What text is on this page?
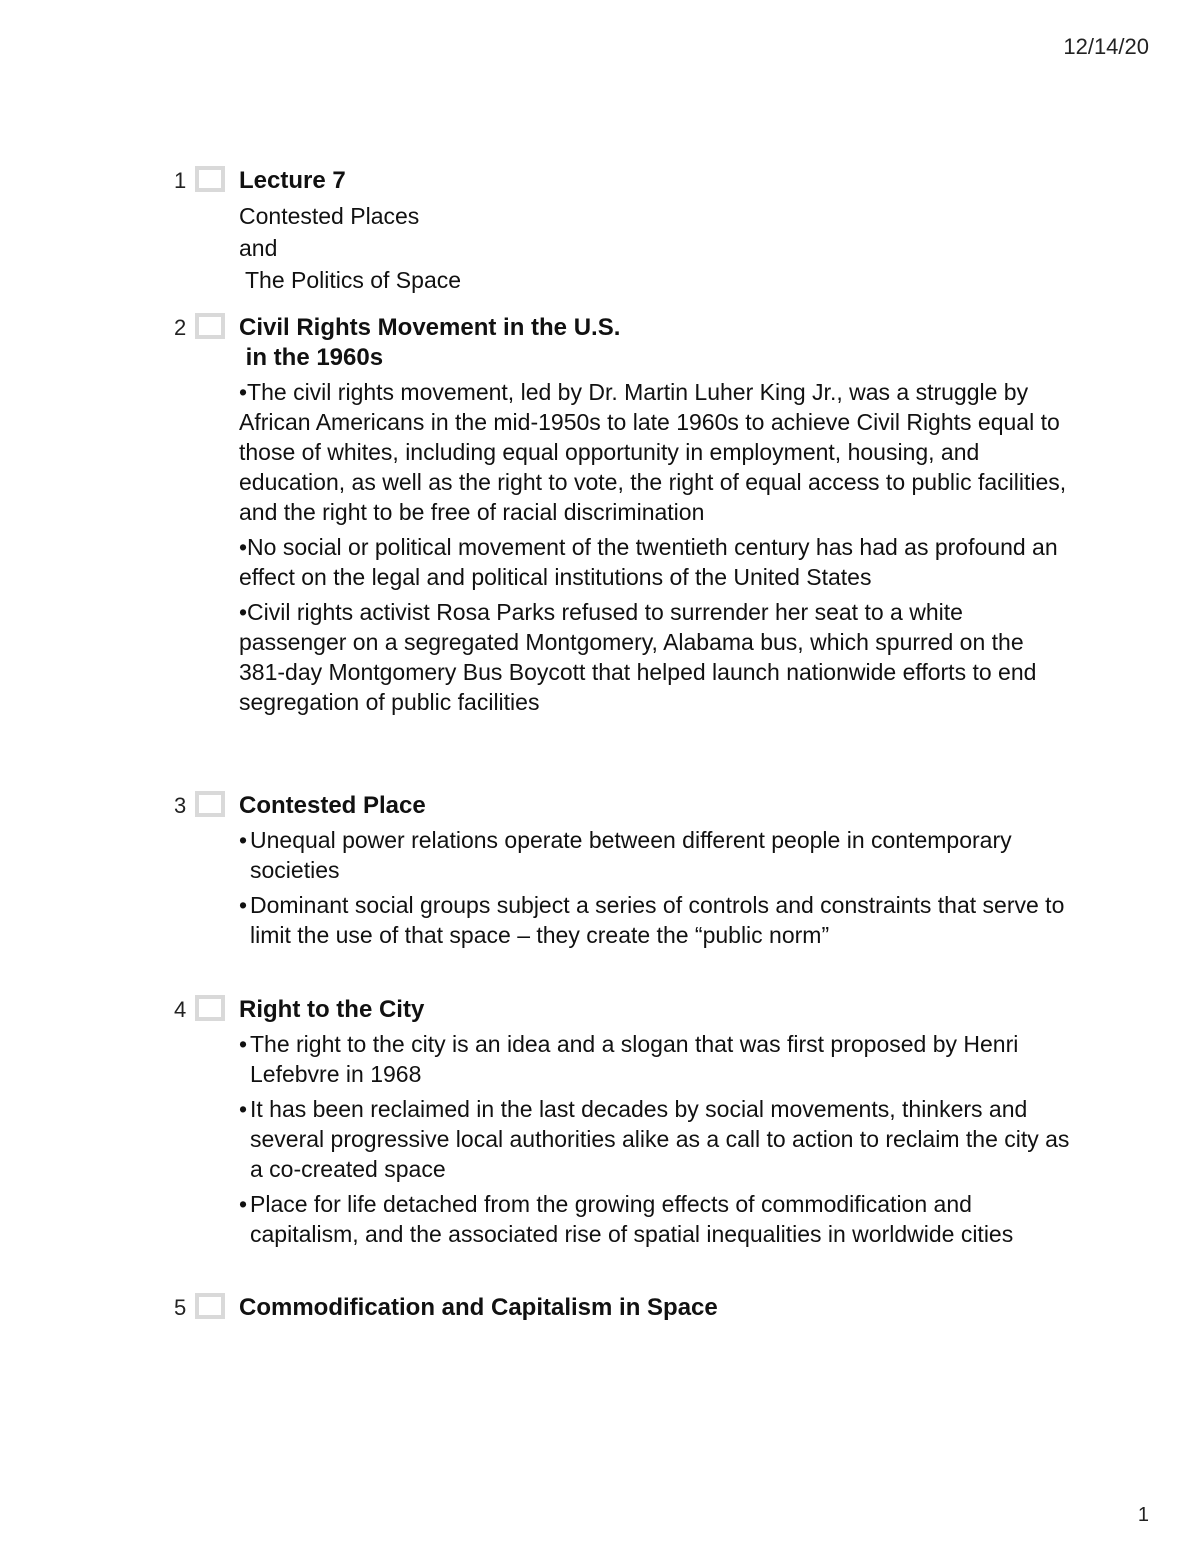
12/14/20
1	Lecture 7
Contested Places
and
The Politics of Space
2	Civil Rights Movement in the U.S.
in the 1960s
•The civil rights movement, led by Dr. Martin Luher King Jr., was a struggle by African Americans in the mid-1950s to late 1960s to achieve Civil Rights equal to those of whites, including equal opportunity in employment, housing, and education, as well as the right to vote, the right of equal access to public facilities, and the right to be free of racial discrimination
•No social or political movement of the twentieth century has had as profound an effect on the legal and political institutions of the United States
•Civil rights activist Rosa Parks refused to surrender her seat to a white passenger on a segregated Montgomery, Alabama bus, which spurred on the 381-day Montgomery Bus Boycott that helped launch nationwide efforts to end segregation of public facilities
3	Contested Place
• Unequal power relations operate between different people in contemporary societies
• Dominant social groups subject a series of controls and constraints that serve to limit the use of that space – they create the “public norm”
4	Right to the City
• The right to the city is an idea and a slogan that was first proposed by Henri Lefebvre in 1968
• It has been reclaimed in the last decades by social movements, thinkers and several progressive local authorities alike as a call to action to reclaim the city as a co-created space
• Place for life detached from the growing effects of commodification and capitalism, and the associated rise of spatial inequalities in worldwide cities
5	Commodification and Capitalism in Space
1
